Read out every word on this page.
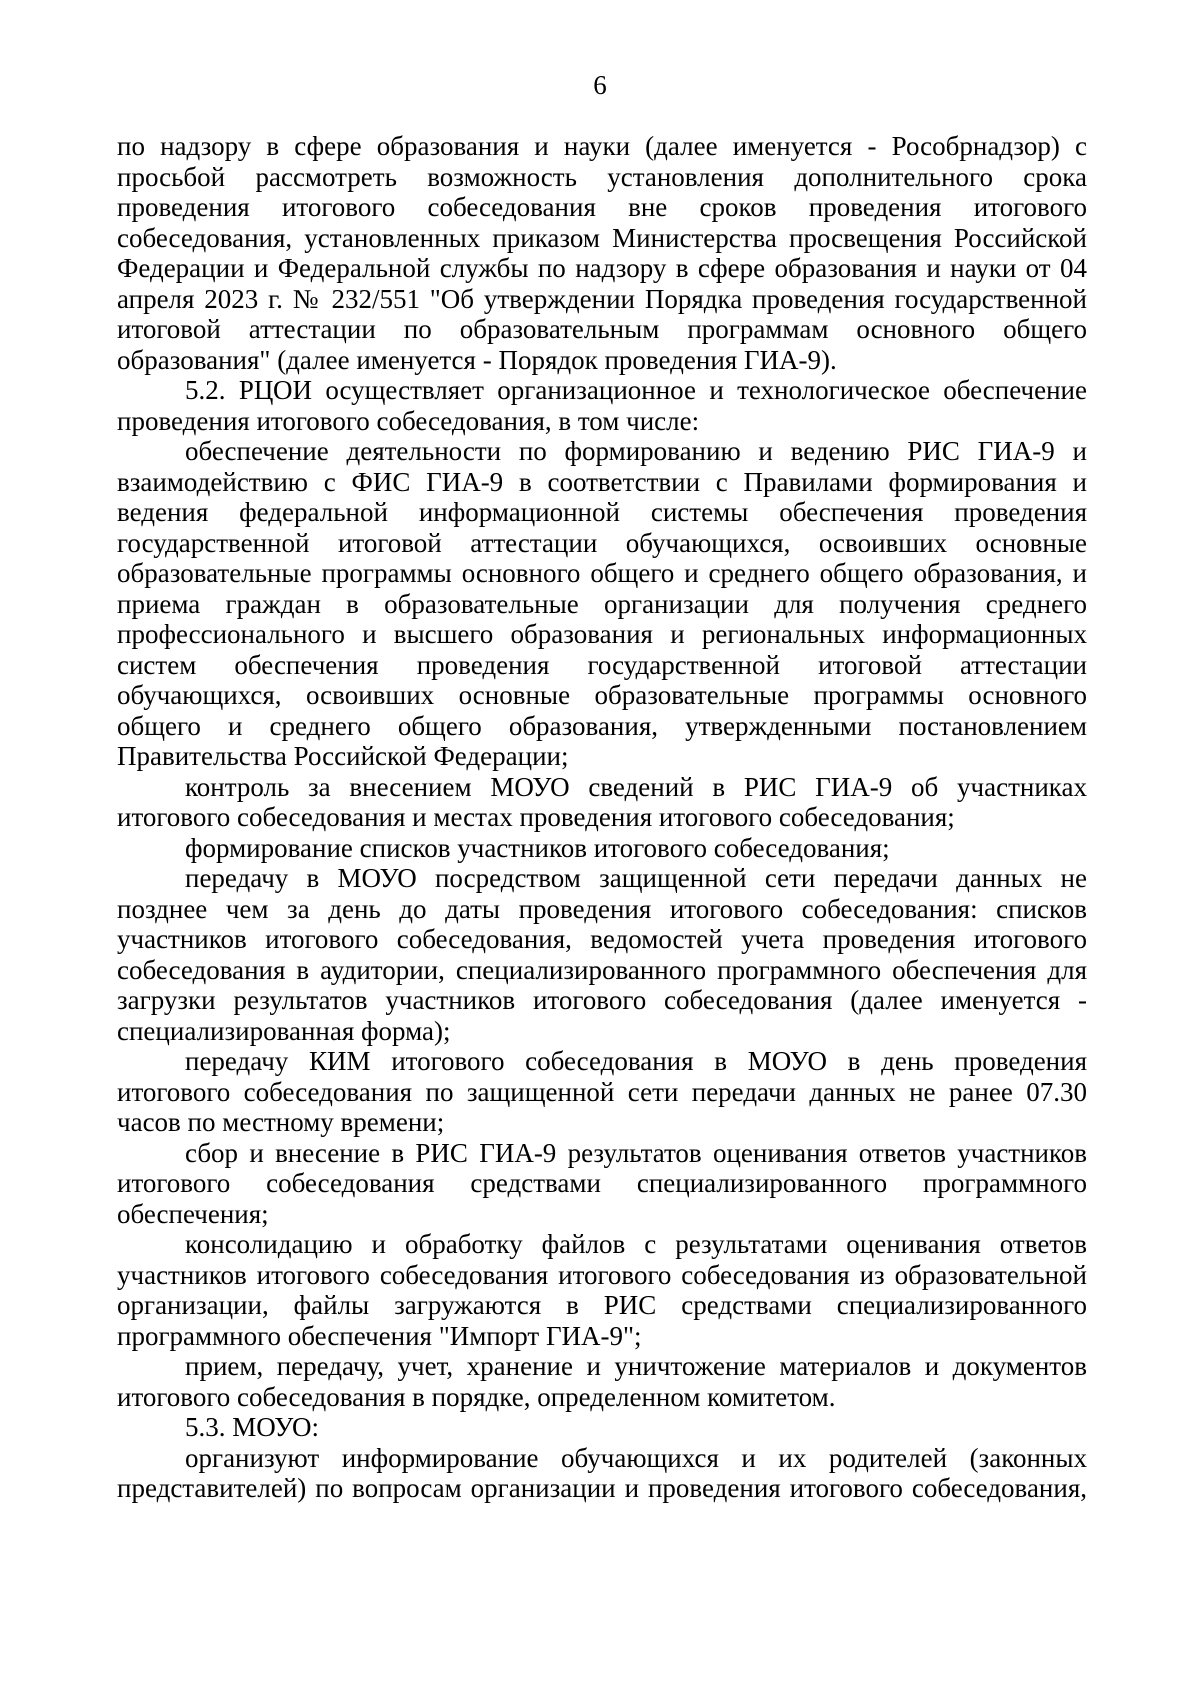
6

по надзору в сфере образования и науки (далее именуется - Рособрнадзор) с просьбой рассмотреть возможность установления дополнительного срока проведения итогового собеседования вне сроков проведения итогового собеседования, установленных приказом Министерства просвещения Российской Федерации и Федеральной службы по надзору в сфере образования и науки от 04 апреля 2023 г. № 232/551 "Об утверждении Порядка проведения государственной итоговой аттестации по образовательным программам основного общего образования" (далее именуется - Порядок проведения ГИА-9).

5.2. РЦОИ осуществляет организационное и технологическое обеспечение проведения итогового собеседования, в том числе:

обеспечение деятельности по формированию и ведению РИС ГИА-9 и взаимодействию с ФИС ГИА-9 в соответствии с Правилами формирования и ведения федеральной информационной системы обеспечения проведения государственной итоговой аттестации обучающихся, освоивших основные образовательные программы основного общего и среднего общего образования, и приема граждан в образовательные организации для получения среднего профессионального и высшего образования и региональных информационных систем обеспечения проведения государственной итоговой аттестации обучающихся, освоивших основные образовательные программы основного общего и среднего общего образования, утвержденными постановлением Правительства Российской Федерации;

контроль за внесением МОУО сведений в РИС ГИА-9 об участниках итогового собеседования и местах проведения итогового собеседования;

формирование списков участников итогового собеседования;

передачу в МОУО посредством защищенной сети передачи данных не позднее чем за день до даты проведения итогового собеседования: списков участников итогового собеседования, ведомостей учета проведения итогового собеседования в аудитории, специализированного программного обеспечения для загрузки результатов участников итогового собеседования (далее именуется - специализированная форма);

передачу КИМ итогового собеседования в МОУО в день проведения итогового собеседования по защищенной сети передачи данных не ранее 07.30 часов по местному времени;

сбор и внесение в РИС ГИА-9 результатов оценивания ответов участников итогового собеседования средствами специализированного программного обеспечения;

консолидацию и обработку файлов с результатами оценивания ответов участников итогового собеседования итогового собеседования из образовательной организации, файлы загружаются в РИС средствами специализированного программного обеспечения "Импорт ГИА-9";

прием, передачу, учет, хранение и уничтожение материалов и документов итогового собеседования в порядке, определенном комитетом.

5.3. МОУО:

организуют информирование обучающихся и их родителей (законных представителей) по вопросам организации и проведения итогового собеседования,
